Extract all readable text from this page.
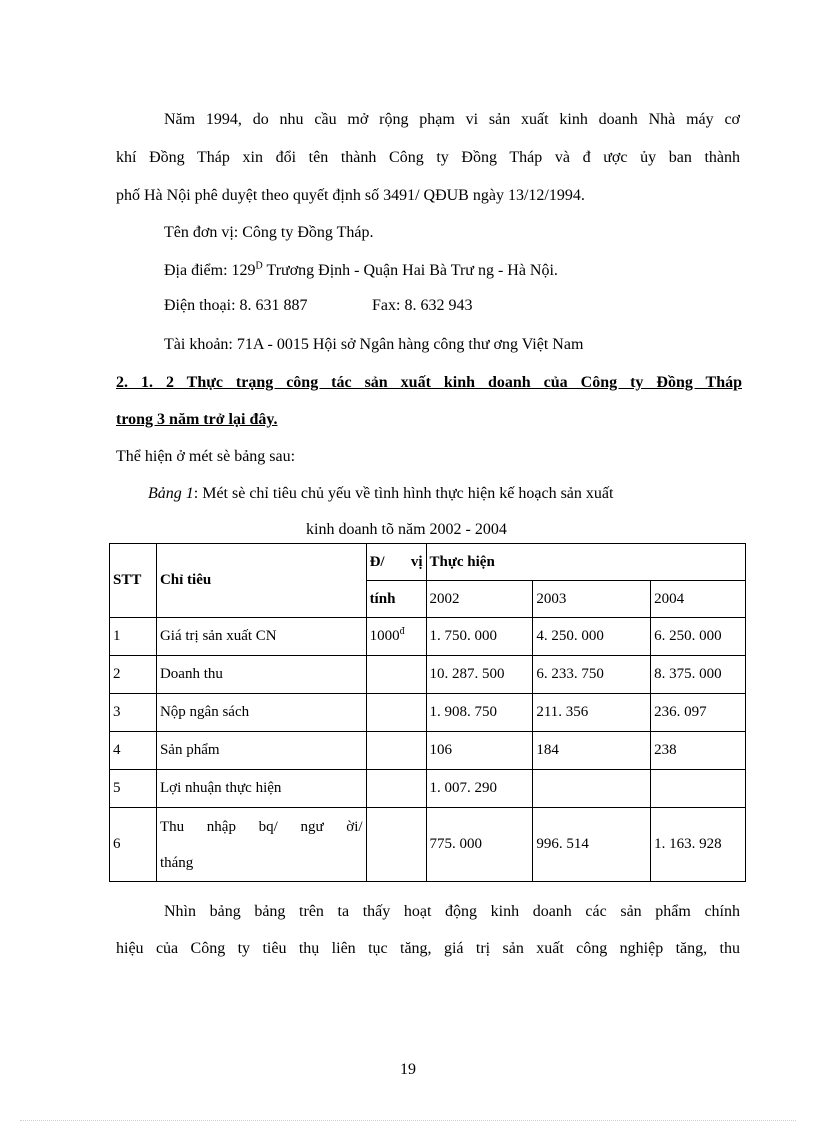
Năm 1994, do nhu cầu mở rộng phạm vi sản xuất kinh doanh Nhà máy cơ
khí Đồng Tháp xin đổi tên thành Công ty Đồng Tháp và đ ược ủy ban thành
phố Hà Nội phê duyệt theo quyết định số 3491/ QĐUB ngày 13/12/1994.
Tên đơn vị: Công ty Đồng Tháp.
Địa điểm: $129^D$ Trương Định - Quận Hai Bà Trư ng - Hà Nội.
Điện thoại: 8. 631 887	Fax: 8. 632 943
Tài khoản: 71A - 0015 Hội sở Ngân hàng công thư ơng Việt Nam
2. 1. 2 Thực trạng công tác sản xuất kinh doanh của Công ty Đồng Tháp
trong 3 năm trở lại đây.
Thể hiện ở mét sè bảng sau:
Bảng 1: Mét sè chỉ tiêu chủ yếu về tình hình thực hiện kế hoạch sản xuất
kinh doanh tõ năm 2002 - 2004
STT	Chỉ tiêu	Đ/ vị	Thực hiện		
		tính	2002	2003	2004
1	Giá trị sản xuất CN	$1000^đ$	1. 750. 000	4. 250. 000	6. 250. 000
2	Doanh thu		10. 287. 500	6. 233. 750	8. 375. 000
3	Nộp ngân sách		1. 908. 750	211. 356	236. 097
4	Sản phẩm		106	184	238
5	Lợi nhuận thực hiện		1. 007. 290		
6	Thu nhập bq/ ngư ời/
tháng		775. 000	996. 514	1. 163. 928
Nhìn bảng bảng trên ta thấy hoạt động kinh doanh các sản phẩm chính
hiệu của Công ty tiêu thụ liên tục tăng, giá trị sản xuất công nghiệp tăng, thu
19
